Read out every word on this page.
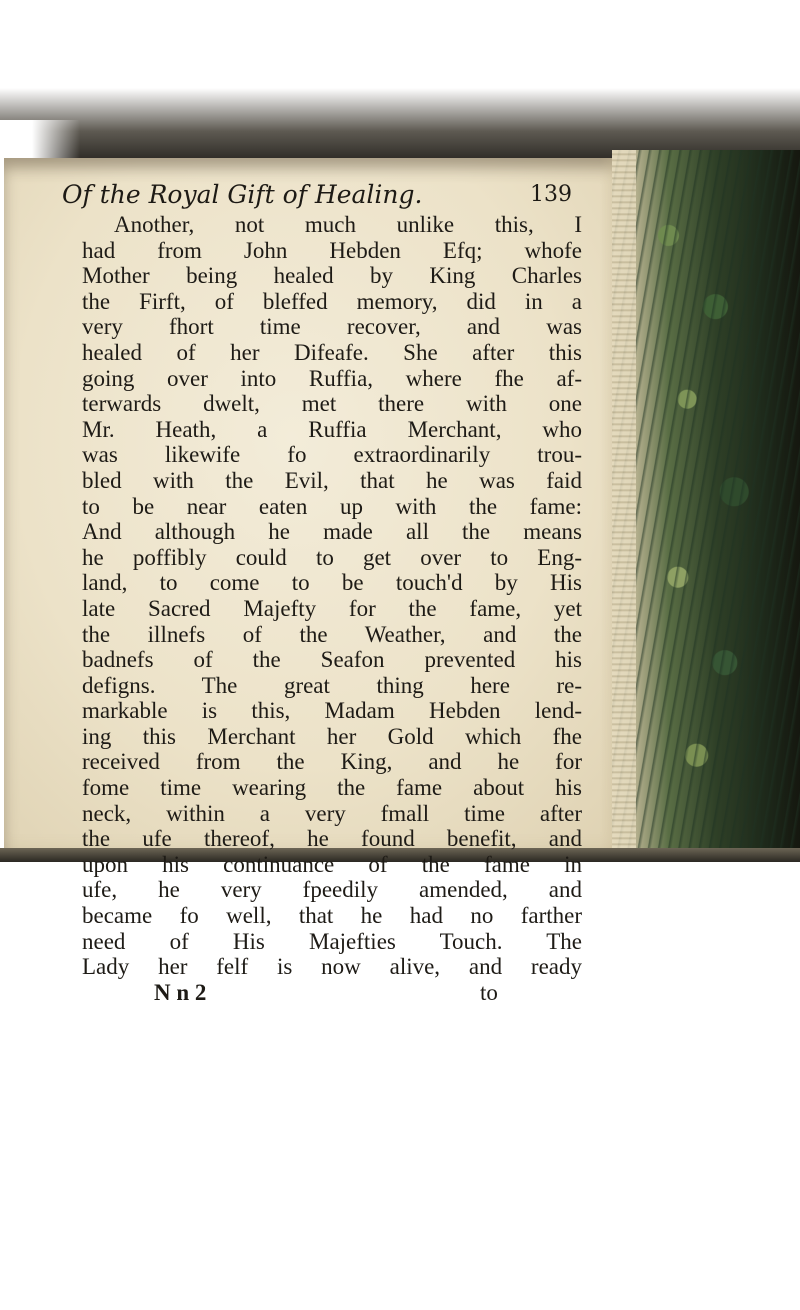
Of the Royal Gift of Healing.	139
Another, not much unlike this, I
had from John Hebden Efq; whofe
Mother being healed by King Charles
the Firft, of bleffed memory, did in a
very fhort time recover, and was
healed of her Difeafe. She after this
going over into Ruffia, where fhe af-
terwards dwelt, met there with one
Mr. Heath, a Ruffia Merchant, who
was likewife fo extraordinarily trou-
bled with the Evil, that he was faid
to be near eaten up with the fame:
And although he made all the means
he poffibly could to get over to Eng-
land, to come to be touch'd by His
late Sacred Majefty for the fame, yet
the illnefs of the Weather, and the
badnefs of the Seafon prevented his
defigns. The great thing here re-
markable is this, Madam Hebden lend-
ing this Merchant her Gold which fhe
received from the King, and he for
fome time wearing the fame about his
neck, within a very fmall time after
the ufe thereof, he found benefit, and
upon his continuance of the fame in
ufe, he very fpeedily amended, and
became fo well, that he had no farther
need of His Majefties Touch. The
Lady her felf is now alive, and ready
N n 2	to
